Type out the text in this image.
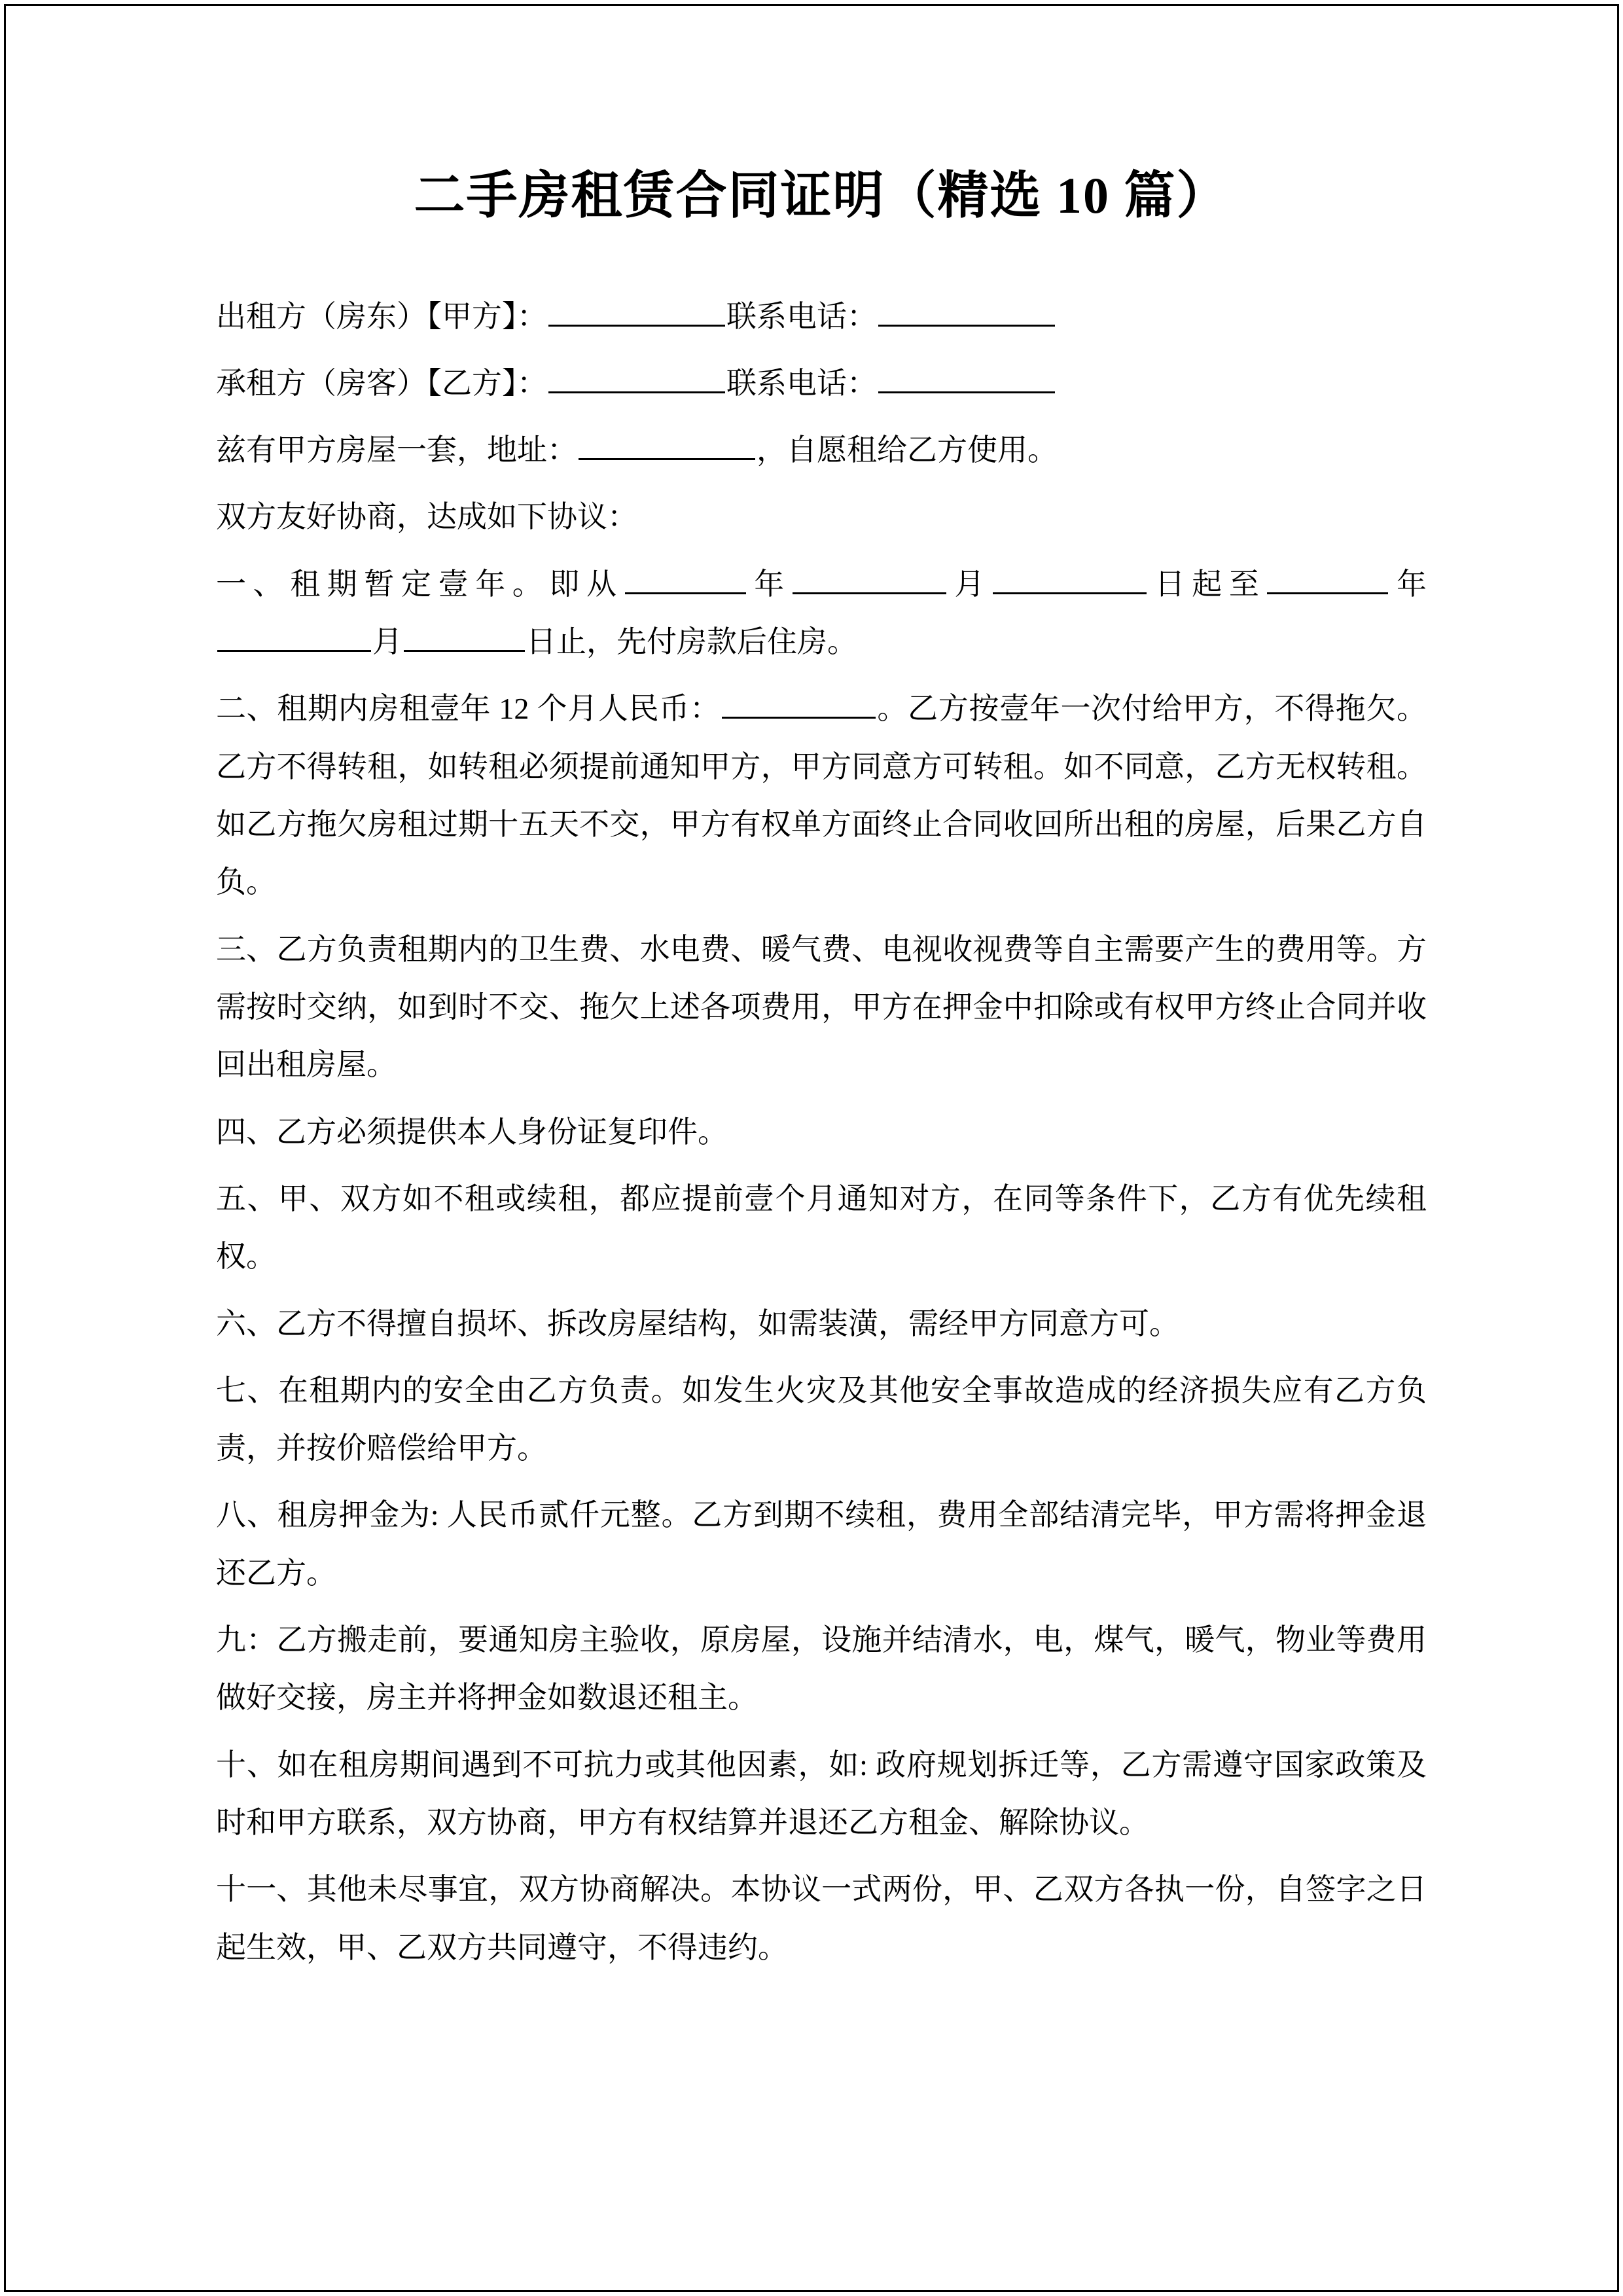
二手房租赁合同证明（精选 10 篇）

出租方（房东）【甲方】：	联系电话：

承租方（房客）【乙方】：	联系电话：

兹有甲方房屋一套，地址：	，自愿租给乙方使用。

双方友好协商，达成如下协议：

一、租期暂定壹年。即从	年	月	日起至	年月	日止，先付房款后住房。

二、租期内房租壹年 12 个月人民币：	。乙方按壹年一次付给甲方，不得拖欠。乙方不得转租，如转租必须提前通知甲方，甲方同意方可转租。如不同意，乙方无权转租。如乙方拖欠房租过期十五天不交，甲方有权单方面终止合同收回所出租的房屋，后果乙方自负。

三、乙方负责租期内的卫生费、水电费、暖气费、电视收视费等自主需要产生的费用等。方需按时交纳，如到时不交、拖欠上述各项费用，甲方在押金中扣除或有权甲方终止合同并收回出租房屋。

四、乙方必须提供本人身份证复印件。

五、甲、双方如不租或续租，都应提前壹个月通知对方，在同等条件下，乙方有优先续租权。

六、乙方不得擅自损坏、拆改房屋结构，如需装潢，需经甲方同意方可。

七、在租期内的安全由乙方负责。如发生火灾及其他安全事故造成的经济损失应有乙方负责，并按价赔偿给甲方。

八、租房押金为: 人民币贰仟元整。乙方到期不续租，费用全部结清完毕，甲方需将押金退还乙方。

九：乙方搬走前，要通知房主验收，原房屋，设施并结清水，电，煤气，暖气，物业等费用做好交接，房主并将押金如数退还租主。

十、如在租房期间遇到不可抗力或其他因素，如: 政府规划拆迁等，乙方需遵守国家政策及时和甲方联系，双方协商，甲方有权结算并退还乙方租金、解除协议。

十一、其他未尽事宜，双方协商解决。本协议一式两份，甲、乙双方各执一份，自签字之日起生效，甲、乙双方共同遵守，不得违约。
